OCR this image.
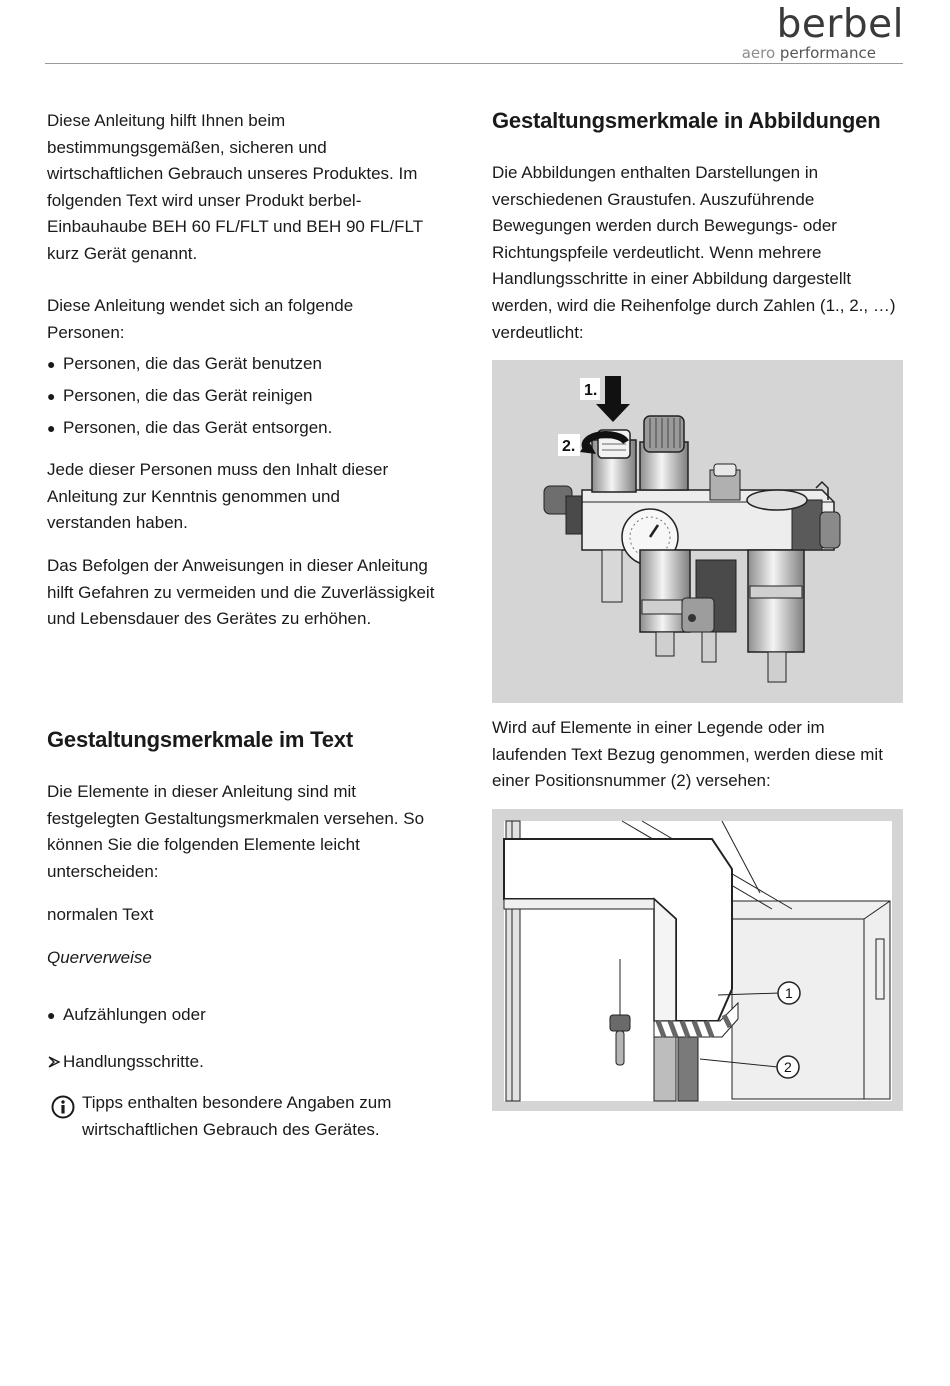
berbel
aero performance

Diese Anleitung hilft Ihnen beim bestimmungsgemäßen, sicheren und wirtschaftlichen Gebrauch unseres Produktes. Im folgenden Text wird unser Produkt berbel-Einbauhaube BEH 60 FL/FLT und BEH 90 FL/FLT kurz Gerät genannt.

Diese Anleitung wendet sich an folgende Personen:

● Personen, die das Gerät benutzen
● Personen, die das Gerät reinigen
● Personen, die das Gerät entsorgen.

Jede dieser Personen muss den Inhalt dieser Anleitung zur Kenntnis genommen und verstanden haben.

Das Befolgen der Anweisungen in dieser Anleitung hilft Gefahren zu vermeiden und die Zuverlässigkeit und Lebensdauer des Gerätes zu erhöhen.

Gestaltungsmerkmale im Text

Die Elemente in dieser Anleitung sind mit festgelegten Gestaltungsmerkmalen versehen. So können Sie die folgenden Elemente leicht unterscheiden:

normalen Text

Querverweise

● Aufzählungen oder
Handlungsschritte.

Tipps enthalten besondere Angaben zum wirtschaftlichen Gebrauch des Gerätes.

Gestaltungsmerkmale in Abbildungen

Die Abbildungen enthalten Darstellungen in verschiedenen Graustufen. Auszuführende Bewegungen werden durch Bewegungs- oder Richtungspfeile verdeutlicht. Wenn mehrere Handlungsschritte in einer Abbildung dargestellt werden, wird die Reihenfolge durch Zahlen (1., 2., …) verdeutlicht:

1.
2.

Wird auf Elemente in einer Legende oder im laufenden Text Bezug genommen, werden diese mit einer Positionsnummer (2) versehen:

1
2
